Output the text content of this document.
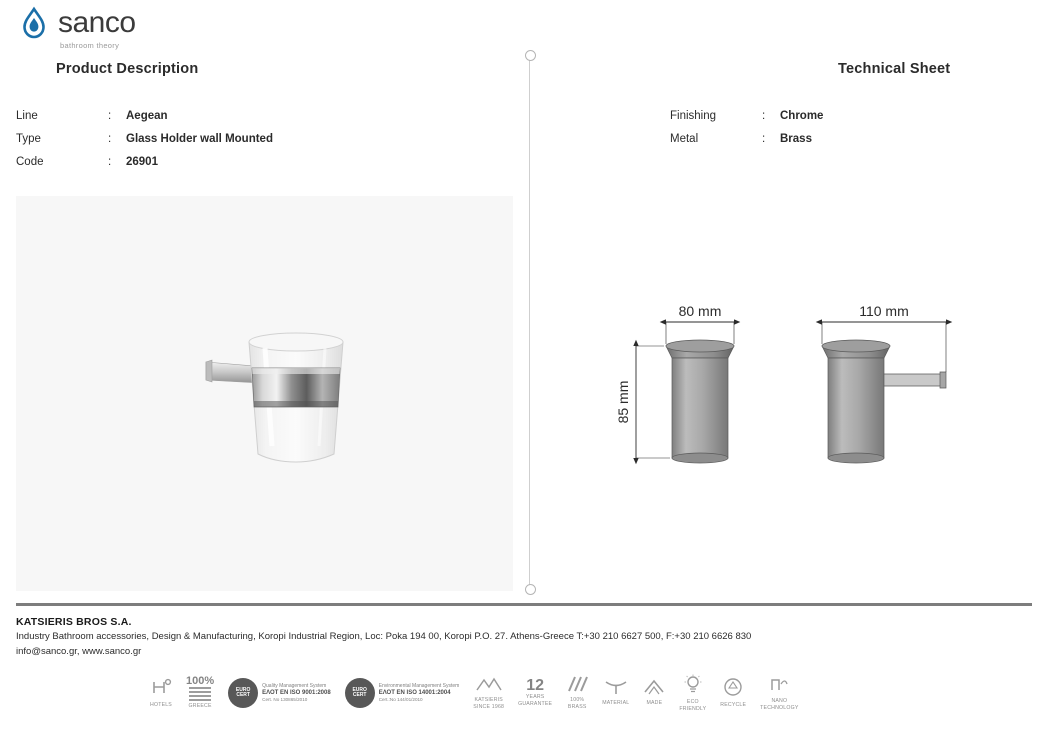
sanco
bathroom theory
Product Description	Technical Sheet
Line	:	Aegean
Type	:	Glass Holder wall Mounted
Code	:	26901
Finishing	:	Chrome
Metal	:	Brass
80 mm	110 mm
85 mm
KATSIERIS BROS S.A.
Industry Bathroom accessories, Design & Manufacturing, Koropi Industrial Region, Loc: Poka 194 00, Koropi P.O. 27. Athens-Greece T:+30 210 6627 500, F:+30 210 6626 830
info@sanco.gr, www.sanco.gr
HOTELS
100%
GREECE
EURO
CERT
Quality Management System
ΕΛΟΤ ΕΝ ISO 9001:2008
Cert. No 130865/2010
EURO
CERT
Environmental Management System
ΕΛΟΤ ΕΝ ISO 14001:2004
Cert.:No 144/01/2010	KATSIERIS
SINCE 1968
12
YEARS
GUARANTEE
100%
BRASS
MATERIAL	MADE	ECO
FRIENDLY
RECYCLE
NANO
TECHNOLOGY
